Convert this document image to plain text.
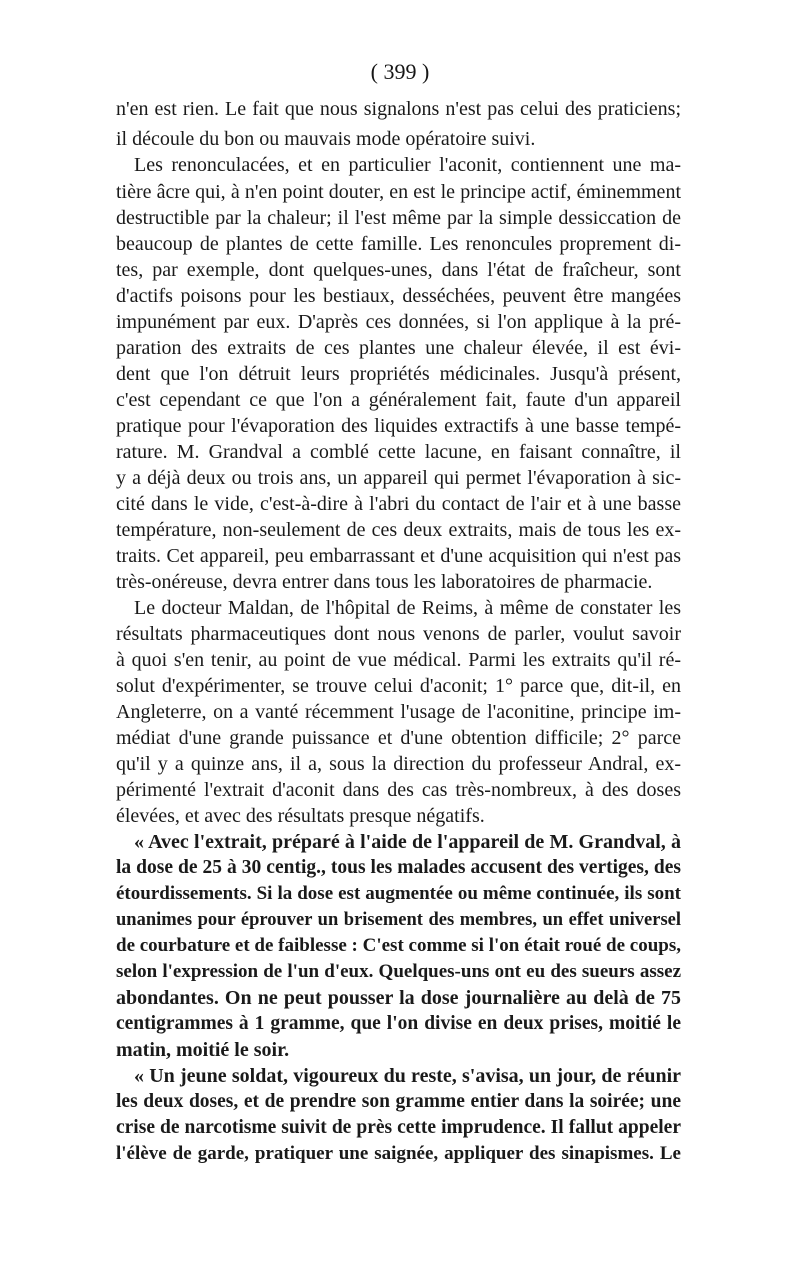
( 399 )
n'en est rien. Le fait que nous signalons n'est pas celui des praticiens;
il découle du bon ou mauvais mode opératoire suivi.
Les renonculacées, et en particulier l'aconit, contiennent une ma-
tière âcre qui, à n'en point douter, en est le principe actif, éminemment
destructible par la chaleur; il l'est même par la simple dessiccation de
beaucoup de plantes de cette famille. Les renoncules proprement di-
tes, par exemple, dont quelques-unes, dans l'état de fraîcheur, sont
d'actifs poisons pour les bestiaux, desséchées, peuvent être mangées
impunément par eux. D'après ces données, si l'on applique à la pré-
paration des extraits de ces plantes une chaleur élevée, il est évi-
dent que l'on détruit leurs propriétés médicinales. Jusqu'à présent,
c'est cependant ce que l'on a généralement fait, faute d'un appareil
pratique pour l'évaporation des liquides extractifs à une basse tempé-
rature. M. Grandval a comblé cette lacune, en faisant connaître, il
y a déjà deux ou trois ans, un appareil qui permet l'évaporation à sic-
cité dans le vide, c'est-à-dire à l'abri du contact de l'air et à une basse
température, non-seulement de ces deux extraits, mais de tous les ex-
traits. Cet appareil, peu embarrassant et d'une acquisition qui n'est pas
très-onéreuse, devra entrer dans tous les laboratoires de pharmacie.
Le docteur Maldan, de l'hôpital de Reims, à même de constater les
résultats pharmaceutiques dont nous venons de parler, voulut savoir
à quoi s'en tenir, au point de vue médical. Parmi les extraits qu'il ré-
solut d'expérimenter, se trouve celui d'aconit; 1° parce que, dit-il, en
Angleterre, on a vanté récemment l'usage de l'aconitine, principe im-
médiat d'une grande puissance et d'une obtention difficile; 2° parce
qu'il y a quinze ans, il a, sous la direction du professeur Andral, ex-
périmenté l'extrait d'aconit dans des cas très-nombreux, à des doses
élevées, et avec des résultats presque négatifs.
« Avec l'extrait, préparé à l'aide de l'appareil de M. Grandval, à
la dose de 25 à 30 centig., tous les malades accusent des vertiges, des
étourdissements. Si la dose est augmentée ou même continuée, ils sont
unanimes pour éprouver un brisement des membres, un effet universel
de courbature et de faiblesse : C'est comme si l'on était roué de coups,
selon l'expression de l'un d'eux. Quelques-uns ont eu des sueurs assez
abondantes. On ne peut pousser la dose journalière au delà de 75
centigrammes à 1 gramme, que l'on divise en deux prises, moitié le
matin, moitié le soir.
« Un jeune soldat, vigoureux du reste, s'avisa, un jour, de réunir
les deux doses, et de prendre son gramme entier dans la soirée; une
crise de narcotisme suivit de près cette imprudence. Il fallut appeler
l'élève de garde, pratiquer une saignée, appliquer des sinapismes. Le
